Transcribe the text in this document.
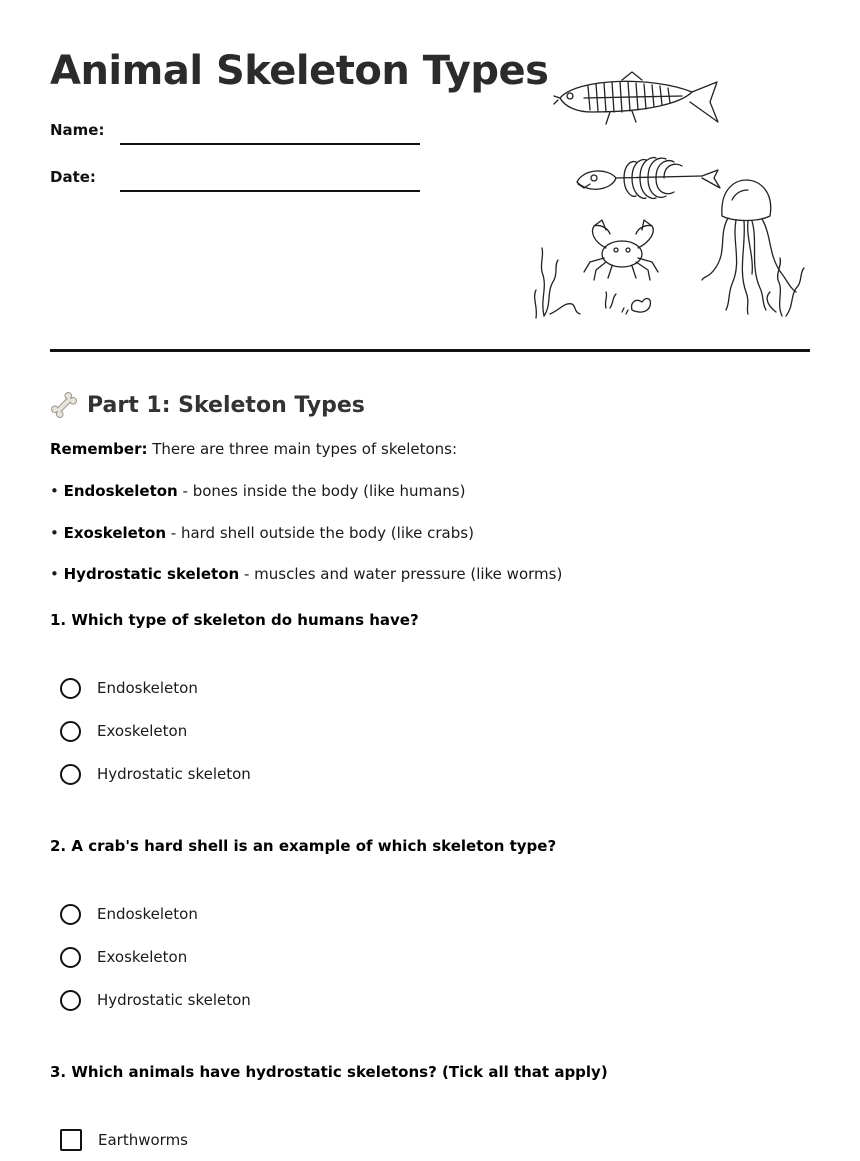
Animal Skeleton Types
Name:
Date:
Part 1: Skeleton Types

Remember: There are three main types of skeletons:

• Endoskeleton - bones inside the body (like humans)

• Exoskeleton - hard shell outside the body (like crabs)

• Hydrostatic skeleton - muscles and water pressure (like worms)

1. Which type of skeleton do humans have?

Endoskeleton
Exoskeleton
Hydrostatic skeleton

2. A crab's hard shell is an example of which skeleton type?

Endoskeleton
Exoskeleton
Hydrostatic skeleton

3. Which animals have hydrostatic skeletons? (Tick all that apply)

Earthworms
